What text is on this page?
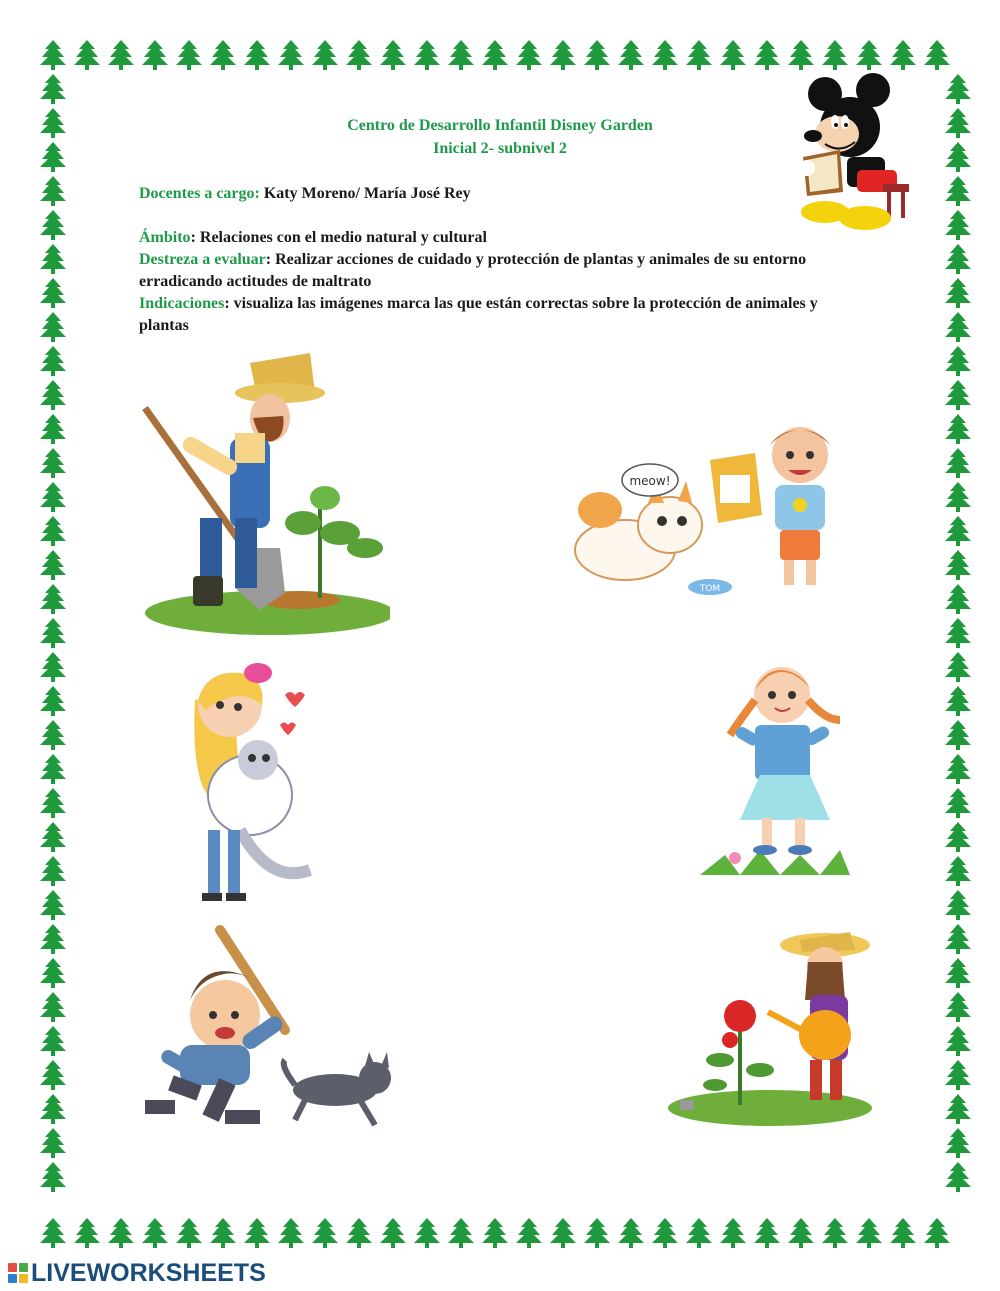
Centro de Desarrollo Infantil Disney Garden
Inicial 2- subnivel 2
Docentes a cargo: Katy Moreno/ María José Rey
Ámbito: Relaciones con el medio natural y cultural
Destreza a evaluar: Realizar acciones de cuidado y protección de plantas y animales de su entorno erradicando actitudes de maltrato
Indicaciones: visualiza las imágenes marca las que están correctas sobre la protección de animales y plantas
meow!
TOM
LIVEWORKSHEETS
